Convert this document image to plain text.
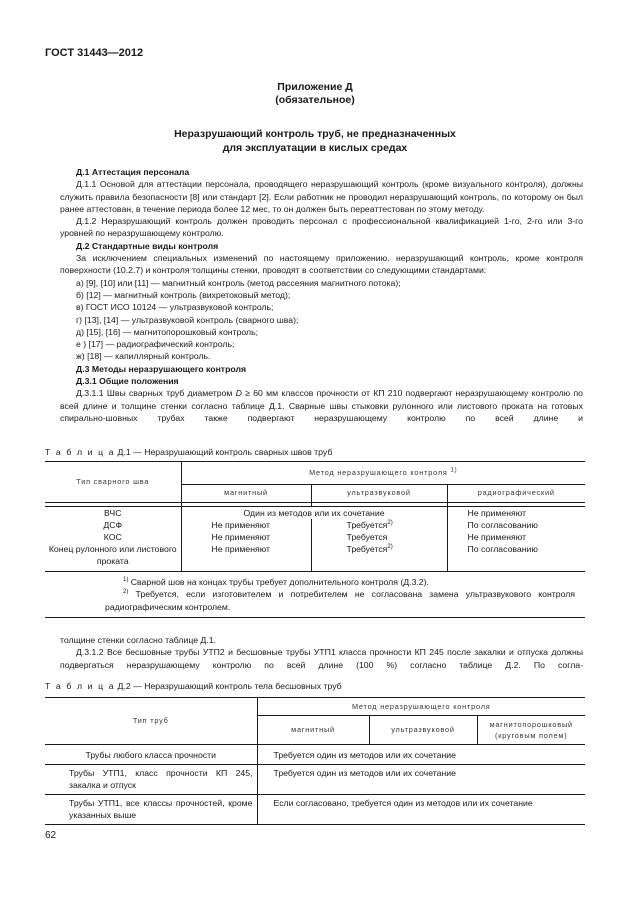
ГОСТ 31443—2012
Приложение Д
(обязательное)
Неразрушающий контроль труб, не предназначенных
для эксплуатации в кислых средах

Д.1 Аттестация персонала

Д.1.1 Основой для аттестации персонала, проводящего неразрушающий контроль (кроме визуального контроля), должны служить правила безопасности [8] или стандарт [2]. Если работник не проводил неразрушающий контроль, по которому он был ранее аттестован, в течение периода более 12 мес, то он должен быть переаттестован по этому методу.

Д.1.2 Неразрушающий контроль должен проводить персонал с профессиональной квалификацией 1-го, 2-го или 3-го уровней по неразрушающему контролю.

Д.2 Стандартные виды контроля

За исключением специальных изменений по настоящему приложению. неразрушающий контроль, кроме контроля поверхности (10.2.7) и контроля толщины стенки, проводят в соответствии со следующими стандартами:

а) [9], [10] или [11] — магнитный контроль (метод рассеяния магнитного потока);

б) [12] — магнитный контроль (вихретоковый метод);

в) ГОСТ ИСО 10124 — ультразвуковой контроль;

г) [13], [14] — ультразвуковой контроль (сварного шва);

д) [15], [16] — магнитопорошковый контроль;

е ) [17] — радиографический контроль;

ж) [18] — капиллярный контроль.

Д.3 Методы неразрушающего контроля

Д.3.1 Общие положения

Д.3.1.1 Швы сварных труб диаметром D ≥ 60 мм классов прочности от КП 210 подвергают неразрушающему контролю по всей длине и толщине стенки согласно таблице Д.1. Сварные швы стыковки рулонного или листового проката на готовых спирально-шовных трубах также подвергают неразрушающему контролю по всей длине и

Т а б л и ц а Д.1 — Неразрушающий контроль сварных швов труб
Тип сварного шва	Метод неразрушающего контроля $^{1)}$
	магнитный	ультразвуковой	радиографический

ВЧС	Один из методов или их сочетание		Не применяют
ДСФ	Не применяют	Требуется$^{2)}$	По согласованию
КОС	Не применяют	Требуется	Не применяют
Конец рулонного или листового проката	Не применяют	Требуется$^{2)}$	По согласованию

$^{1)}$ Сварной шов на концах трубы требует дополнительного контроля (Д.3.2).

$^{2)}$ Требуется, если изготовителем и потребителем не согласована замена ультразвукового контроля радиографическим контролем.			

толщине стенки согласно таблице Д.1.

Д.3.1.2 Все бесшовные трубы УТП2 и бесшовные трубы УТП1 класса прочности КП 245 после закалки и отпуска должны подвергаться неразрушающему контролю по всей длине (100 %) согласно таблице Д.2. По согла-

Т а б л и ц а Д.2 — Неразрушающий контроль тела бесшовных труб
Тип труб	Метод неразрушающего контроля		
	магнитный	ультразвуковой	магнитопорошковый
(круговым полем)
Трубы любого класса прочности	Требуется один из методов или их сочетание		
Трубы УТП1, класс прочности КП 245, закалка и отпуск	Требуется один из методов или их сочетание		
Трубы УТП1, все классы прочностей, кроме указанных выше	Если согласовано, требуется один из методов или их сочетание		
62
